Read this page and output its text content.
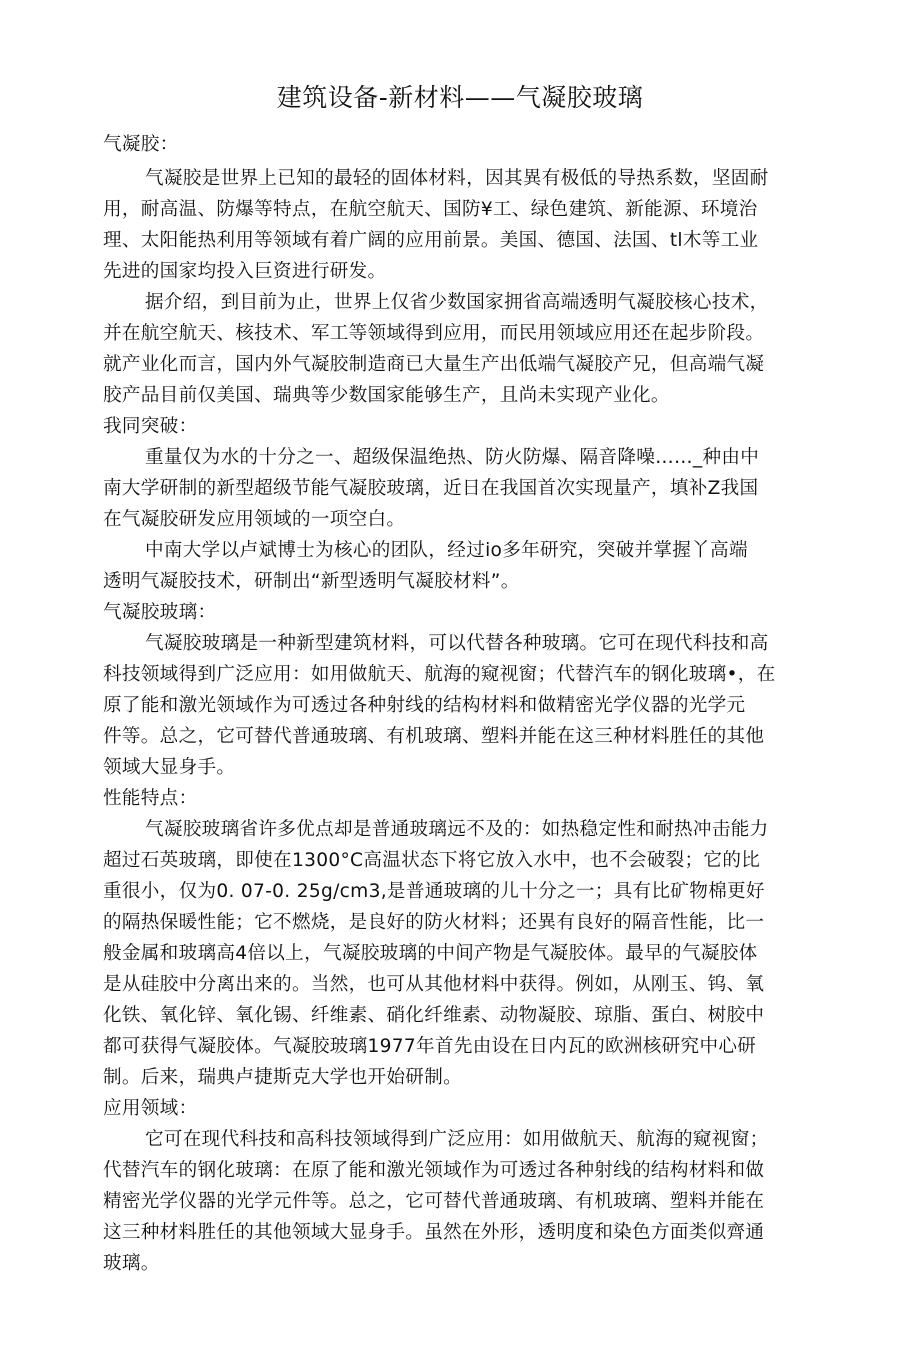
建筑设备-新材料——气凝胶玻璃
气凝胶：
气凝胶是世界上已知的最轻的固体材料，因其異有极低的导热系数，坚固耐
用，耐高温、防爆等特点，在航空航天、国防¥工、绿色建筑、新能源、环境治
理、太阳能热利用等领域有着广阔的应用前景。美国、德国、法国、tl木等工业
先进的国家均投入巨资进行研发。
据介绍，到目前为止，世界上仅省少数国家拥省高端透明气凝胶核心技术，
并在航空航天、核技术、军工等领域得到应用，而民用领域应用还在起步阶段。
就产业化而言，国内外气凝胶制造商已大量生产出低端气凝胶产兄，但高端气凝
胶产品目前仅美国、瑞典等少数国家能够生产，且尚未实现产业化。
我同突破：
重量仅为水的十分之一、超级保温绝热、防火防爆、隔音降噪……_种由中
南大学研制的新型超级节能气凝胶玻璃，近日在我国首次实现量产，填补Z我国
在气凝胶研发应用领域的一项空白。
中南大学以卢斌博士为核心的团队，经过io多年研究，突破并掌握丫高端
透明气凝胶技术，研制出“新型透明气凝胶材料”。
气凝胶玻璃：
气凝胶玻璃是一种新型建筑材料，可以代替各种玻璃。它可在现代科技和高
科技领域得到广泛应用：如用做航天、航海的窥视窗；代替汽车的钢化玻璃•，在
原了能和激光领域作为可透过各种射线的结构材料和做精密光学仪器的光学元
件等。总之，它可替代普通玻璃、有机玻璃、塑料并能在这三种材料胜任的其他
领域大显身手。
性能特点：
气凝胶玻璃省许多优点却是普通玻璃远不及的：如热稳定性和耐热冲击能力
超过石英玻璃，即使在1300°C高温状态下将它放入水中，也不会破裂；它的比
重很小，仅为0. 07-0. 25g/cm3,是普通玻璃的儿十分之一；具有比矿物棉更好
的隔热保暖性能；它不燃烧，是良好的防火材料；还異有良好的隔音性能，比一
般金属和玻璃高4倍以上，气凝胶玻璃的中间产物是气凝胶体。最早的气凝胶体
是从硅胶中分离出来的。当然，也可从其他材料中获得。例如，从刚玉、钨、氧
化铁、氧化锌、氧化锡、纤维素、硝化纤维素、动物凝胶、琼脂、蛋白、树胶中
都可获得气凝胶体。气凝胶玻璃1977年首先由设在日内瓦的欧洲核研究中心研
制。后来，瑞典卢捷斯克大学也开始研制。
应用领域：
它可在现代科技和高科技领域得到广泛应用：如用做航天、航海的窥视窗；
代替汽车的钢化玻璃：在原了能和激光领域作为可透过各种射线的结构材料和做
精密光学仪器的光学元件等。总之，它可替代普通玻璃、有机玻璃、塑料并能在
这三种材料胜任的其他领域大显身手。虽然在外形，透明度和染色方面类似齊通
玻璃。
